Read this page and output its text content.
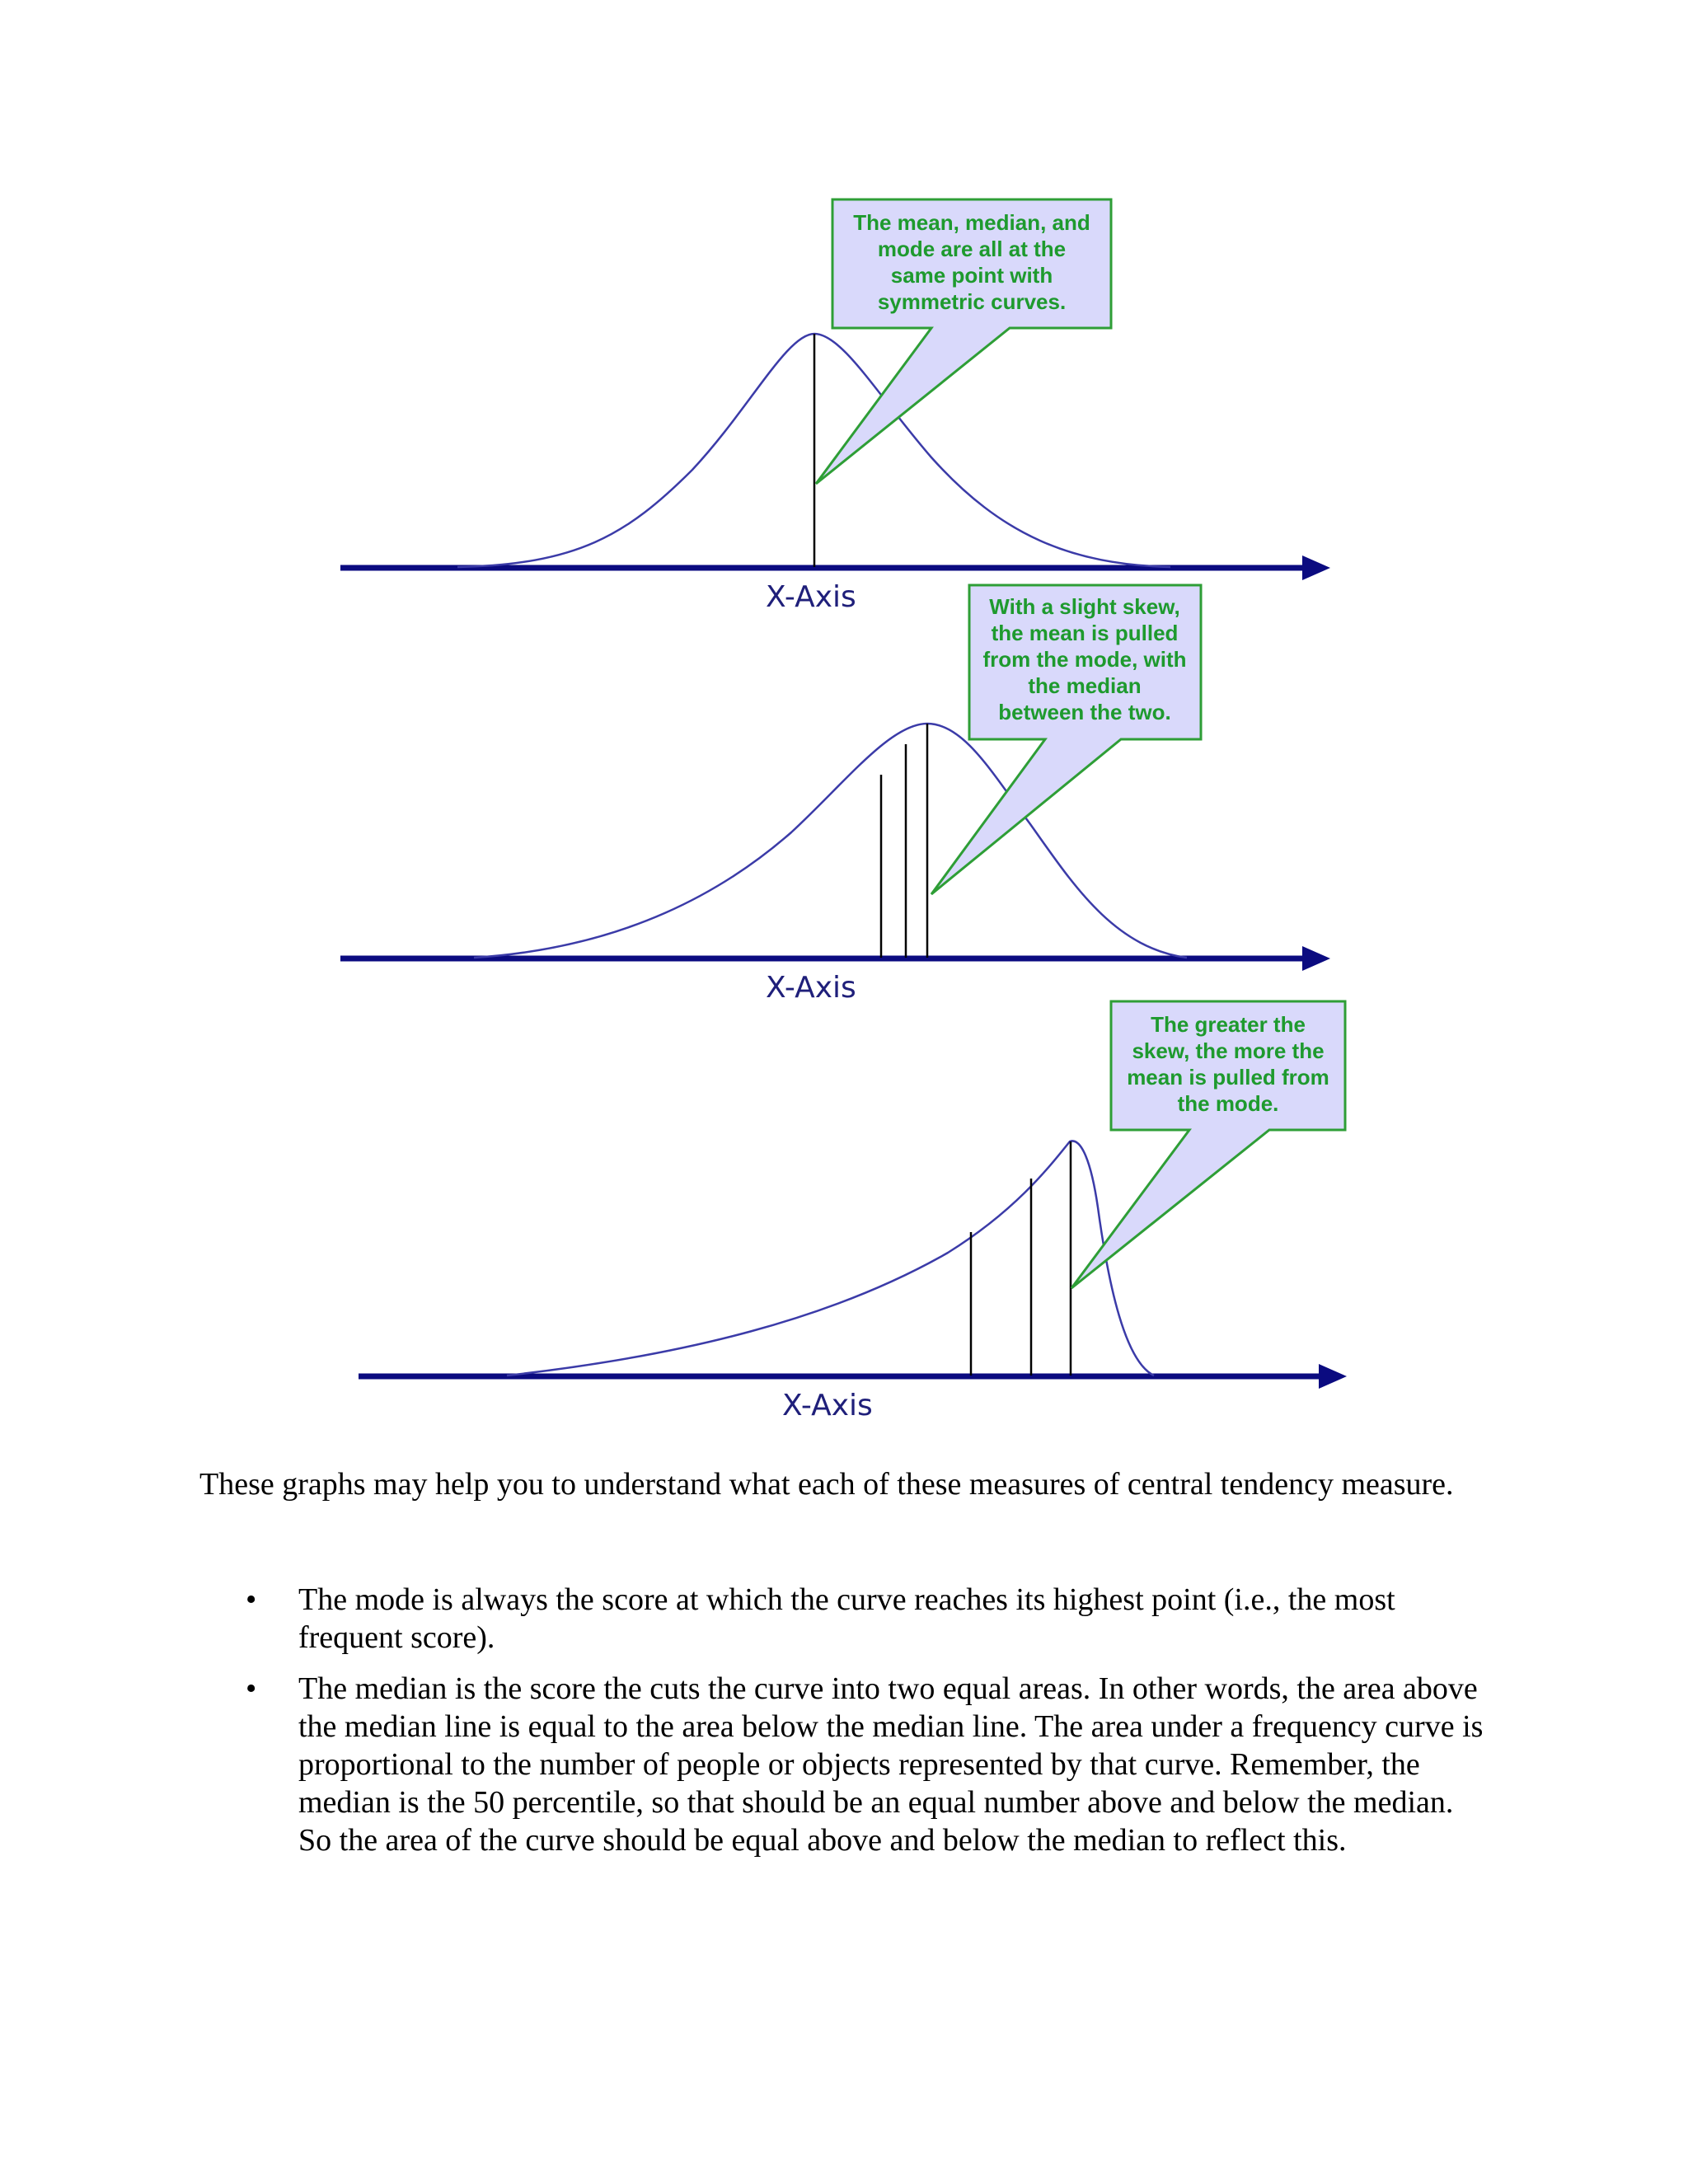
X-Axis
The mean, median, and
mode are all at the
same point with
symmetric curves.
X-Axis
With a slight skew,
the mean is pulled
from the mode, with
the median
between the two.
X-Axis
The greater the
skew, the more the
mean is pulled from
the mode.

These graphs may help you to understand what each of these measures of central tendency measure.

• The mode is always the score at which the curve reaches its highest point (i.e., the most frequent score).
• The median is the score the cuts the curve into two equal areas. In other words, the area above the median line is equal to the area below the median line. The area under a frequency curve is proportional to the number of people or objects represented by that curve. Remember, the median is the 50 percentile, so that should be an equal number above and below the median. So the area of the curve should be equal above and below the median to reflect this.
